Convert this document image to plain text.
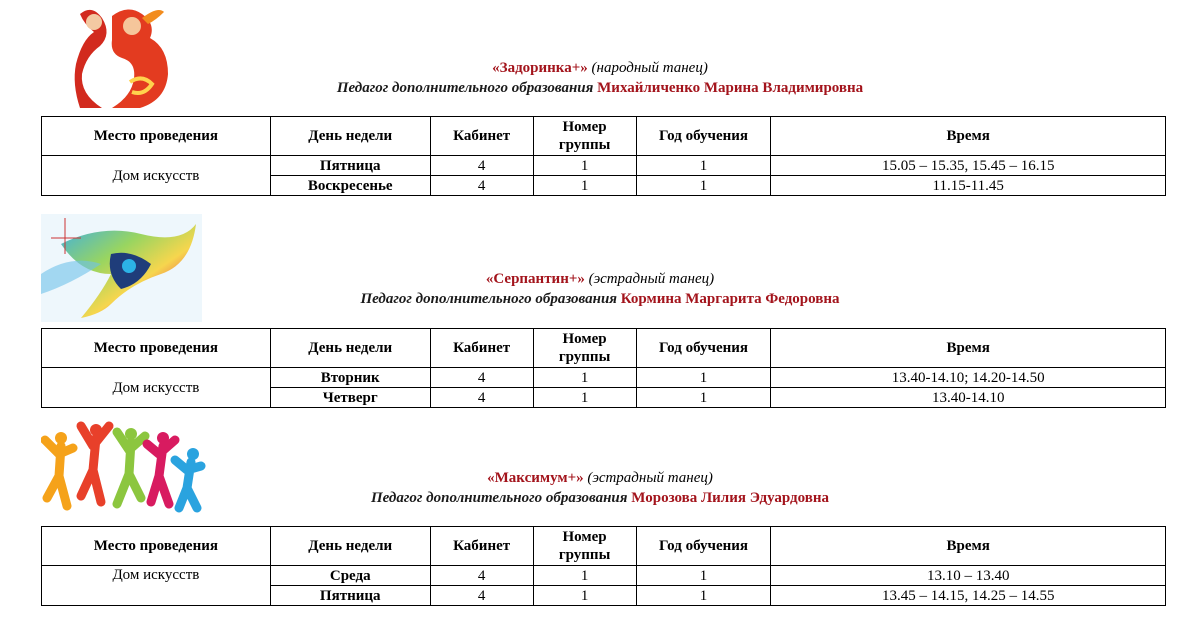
«Задоринка+» (народный танец)
Педагог дополнительного образования Михайличенко Марина Владимировна
Место проведения	День недели	Кабинет	Номер группы	Год обучения	Время
Дом искусств	Пятница	4	1	1	15.05 – 15.35, 15.45 – 16.15
	Воскресенье	4	1	1	11.15-11.45
«Серпантин+» (эстрадный танец)
Педагог дополнительного образования Кормина Маргарита Федоровна
Место проведения	День недели	Кабинет	Номер группы	Год обучения	Время
Дом искусств	Вторник	4	1	1	13.40-14.10; 14.20-14.50
	Четверг	4	1	1	13.40-14.10
«Максимум+» (эстрадный танец)
Педагог дополнительного образования Морозова Лилия Эдуардовна
Место проведения	День недели	Кабинет	Номер группы	Год обучения	Время
Дом искусств	Среда	4	1	1	13.10 – 13.40
	Пятница	4	1	1	13.45 – 14.15, 14.25 – 14.55
